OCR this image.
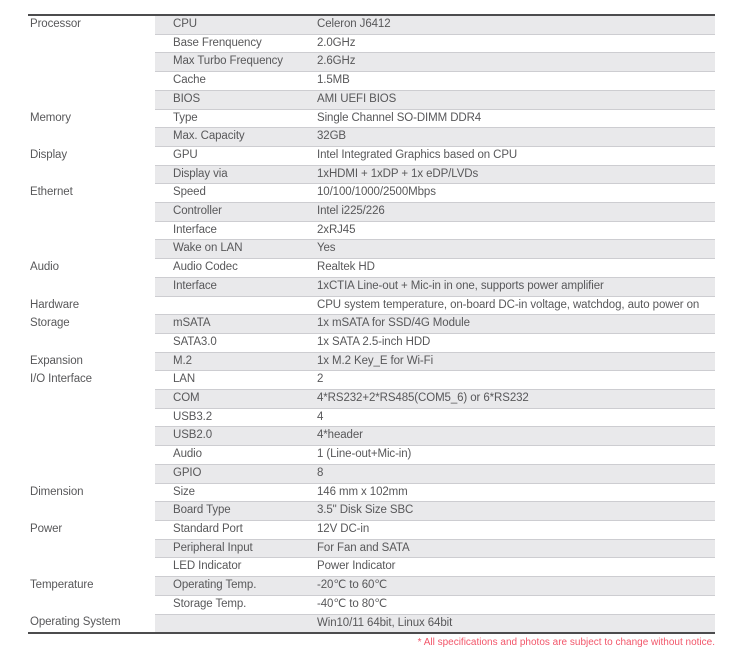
Processor	CPU	Celeron J6412
	Base Frenquency	2.0GHz
	Max Turbo Frequency	2.6GHz
	Cache	1.5MB
	BIOS	AMI UEFI BIOS
Memory	Type	Single Channel SO-DIMM DDR4
	Max. Capacity	32GB
Display	GPU	Intel Integrated Graphics based on CPU
	Display via	1xHDMI + 1xDP + 1x eDP/LVDs
Ethernet	Speed	10/100/1000/2500Mbps
	Controller	Intel i225/226
	Interface	2xRJ45
	Wake on LAN	Yes
Audio	Audio Codec	Realtek HD
	Interface	1xCTIA Line-out + Mic-in in one, supports power amplifier
Hardware		CPU system temperature, on-board DC-in voltage, watchdog, auto power on
Storage	mSATA	1x mSATA for SSD/4G Module
	SATA3.0	1x SATA 2.5-inch HDD
Expansion	M.2	1x M.2 Key_E for Wi-Fi
I/O Interface	LAN	2
	COM	4*RS232+2*RS485(COM5_6) or 6*RS232
	USB3.2	4
	USB2.0	4*header
	Audio	1 (Line-out+Mic-in)
	GPIO	8
Dimension	Size	146 mm x 102mm
	Board Type	3.5" Disk Size SBC
Power	Standard Port	12V DC-in
	Peripheral Input	For Fan and SATA
	LED Indicator	Power Indicator
Temperature	Operating Temp.	-20℃ to 60℃
	Storage Temp.	-40℃ to 80℃
Operating System		Win10/11 64bit, Linux 64bit
* All specifications and photos are subject to change without notice.
